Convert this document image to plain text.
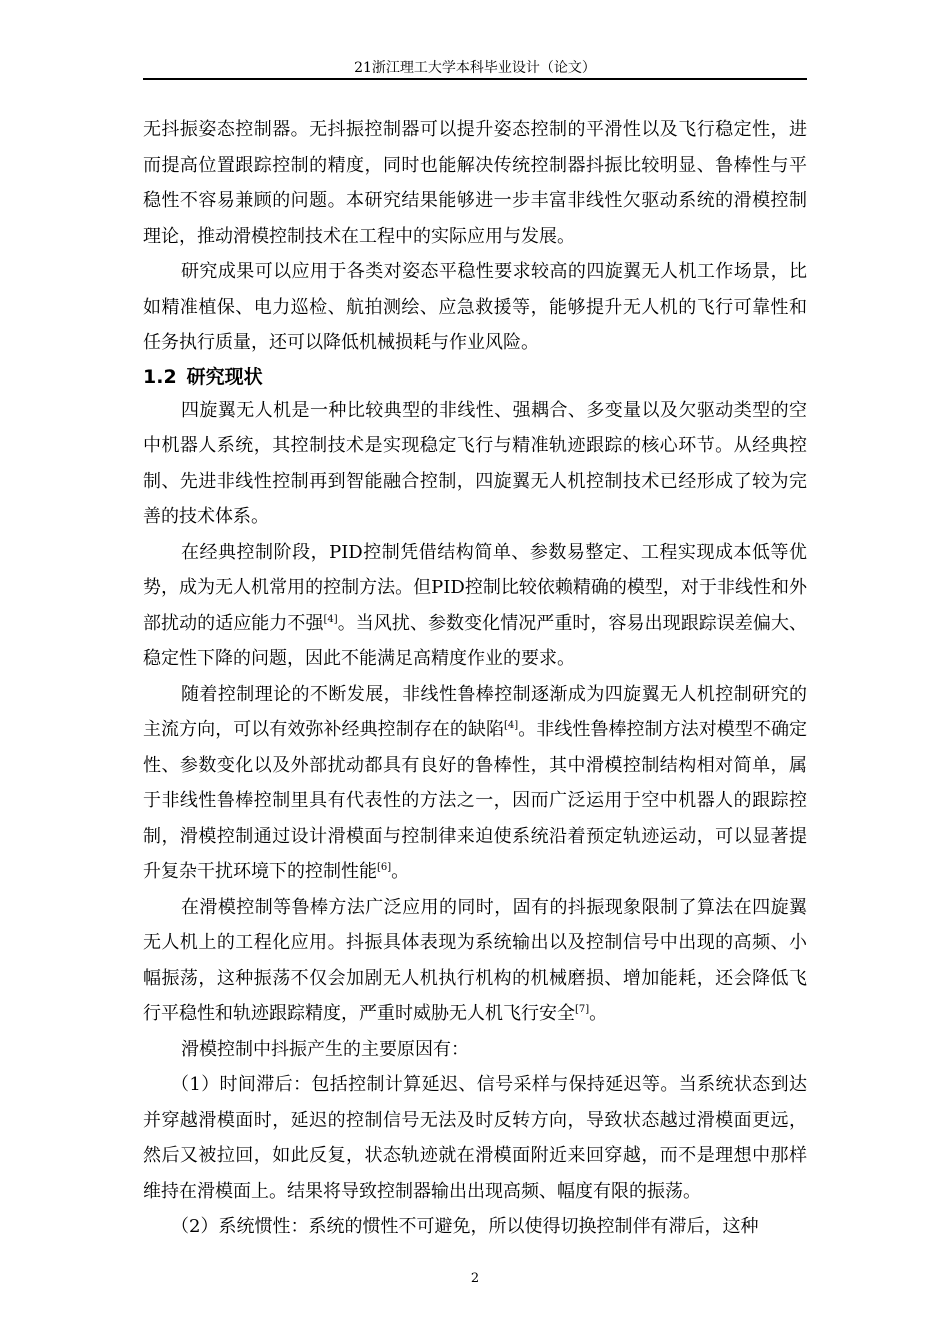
21浙江理工大学本科毕业设计（论文）

无抖振姿态控制器。无抖振控制器可以提升姿态控制的平滑性以及飞行稳定性，进而提高位置跟踪控制的精度，同时也能解决传统控制器抖振比较明显、鲁棒性与平稳性不容易兼顾的问题。本研究结果能够进一步丰富非线性欠驱动系统的滑模控制理论，推动滑模控制技术在工程中的实际应用与发展。

研究成果可以应用于各类对姿态平稳性要求较高的四旋翼无人机工作场景，比如精准植保、电力巡检、航拍测绘、应急救援等，能够提升无人机的飞行可靠性和任务执行质量，还可以降低机械损耗与作业风险。

1.2 研究现状

四旋翼无人机是一种比较典型的非线性、强耦合、多变量以及欠驱动类型的空中机器人系统，其控制技术是实现稳定飞行与精准轨迹跟踪的核心环节。从经典控制、先进非线性控制再到智能融合控制，四旋翼无人机控制技术已经形成了较为完善的技术体系。

在经典控制阶段，PID控制凭借结构简单、参数易整定、工程实现成本低等优势，成为无人机常用的控制方法。但PID控制比较依赖精确的模型，对于非线性和外部扰动的适应能力不强[4]。当风扰、参数变化情况严重时，容易出现跟踪误差偏大、稳定性下降的问题，因此不能满足高精度作业的要求。

随着控制理论的不断发展，非线性鲁棒控制逐渐成为四旋翼无人机控制研究的主流方向，可以有效弥补经典控制存在的缺陷[4]。非线性鲁棒控制方法对模型不确定性、参数变化以及外部扰动都具有良好的鲁棒性，其中滑模控制结构相对简单，属于非线性鲁棒控制里具有代表性的方法之一，因而广泛运用于空中机器人的跟踪控制，滑模控制通过设计滑模面与控制律来迫使系统沿着预定轨迹运动，可以显著提升复杂干扰环境下的控制性能[6]。

在滑模控制等鲁棒方法广泛应用的同时，固有的抖振现象限制了算法在四旋翼无人机上的工程化应用。抖振具体表现为系统输出以及控制信号中出现的高频、小幅振荡，这种振荡不仅会加剧无人机执行机构的机械磨损、增加能耗，还会降低飞行平稳性和轨迹跟踪精度，严重时威胁无人机飞行安全[7]。

滑模控制中抖振产生的主要原因有：

（1）时间滞后：包括控制计算延迟、信号采样与保持延迟等。当系统状态到达并穿越滑模面时，延迟的控制信号无法及时反转方向，导致状态越过滑模面更远，然后又被拉回，如此反复，状态轨迹就在滑模面附近来回穿越，而不是理想中那样维持在滑模面上。结果将导致控制器输出出现高频、幅度有限的振荡。

（2）系统惯性：系统的惯性不可避免，所以使得切换控制伴有滞后，这种

2
